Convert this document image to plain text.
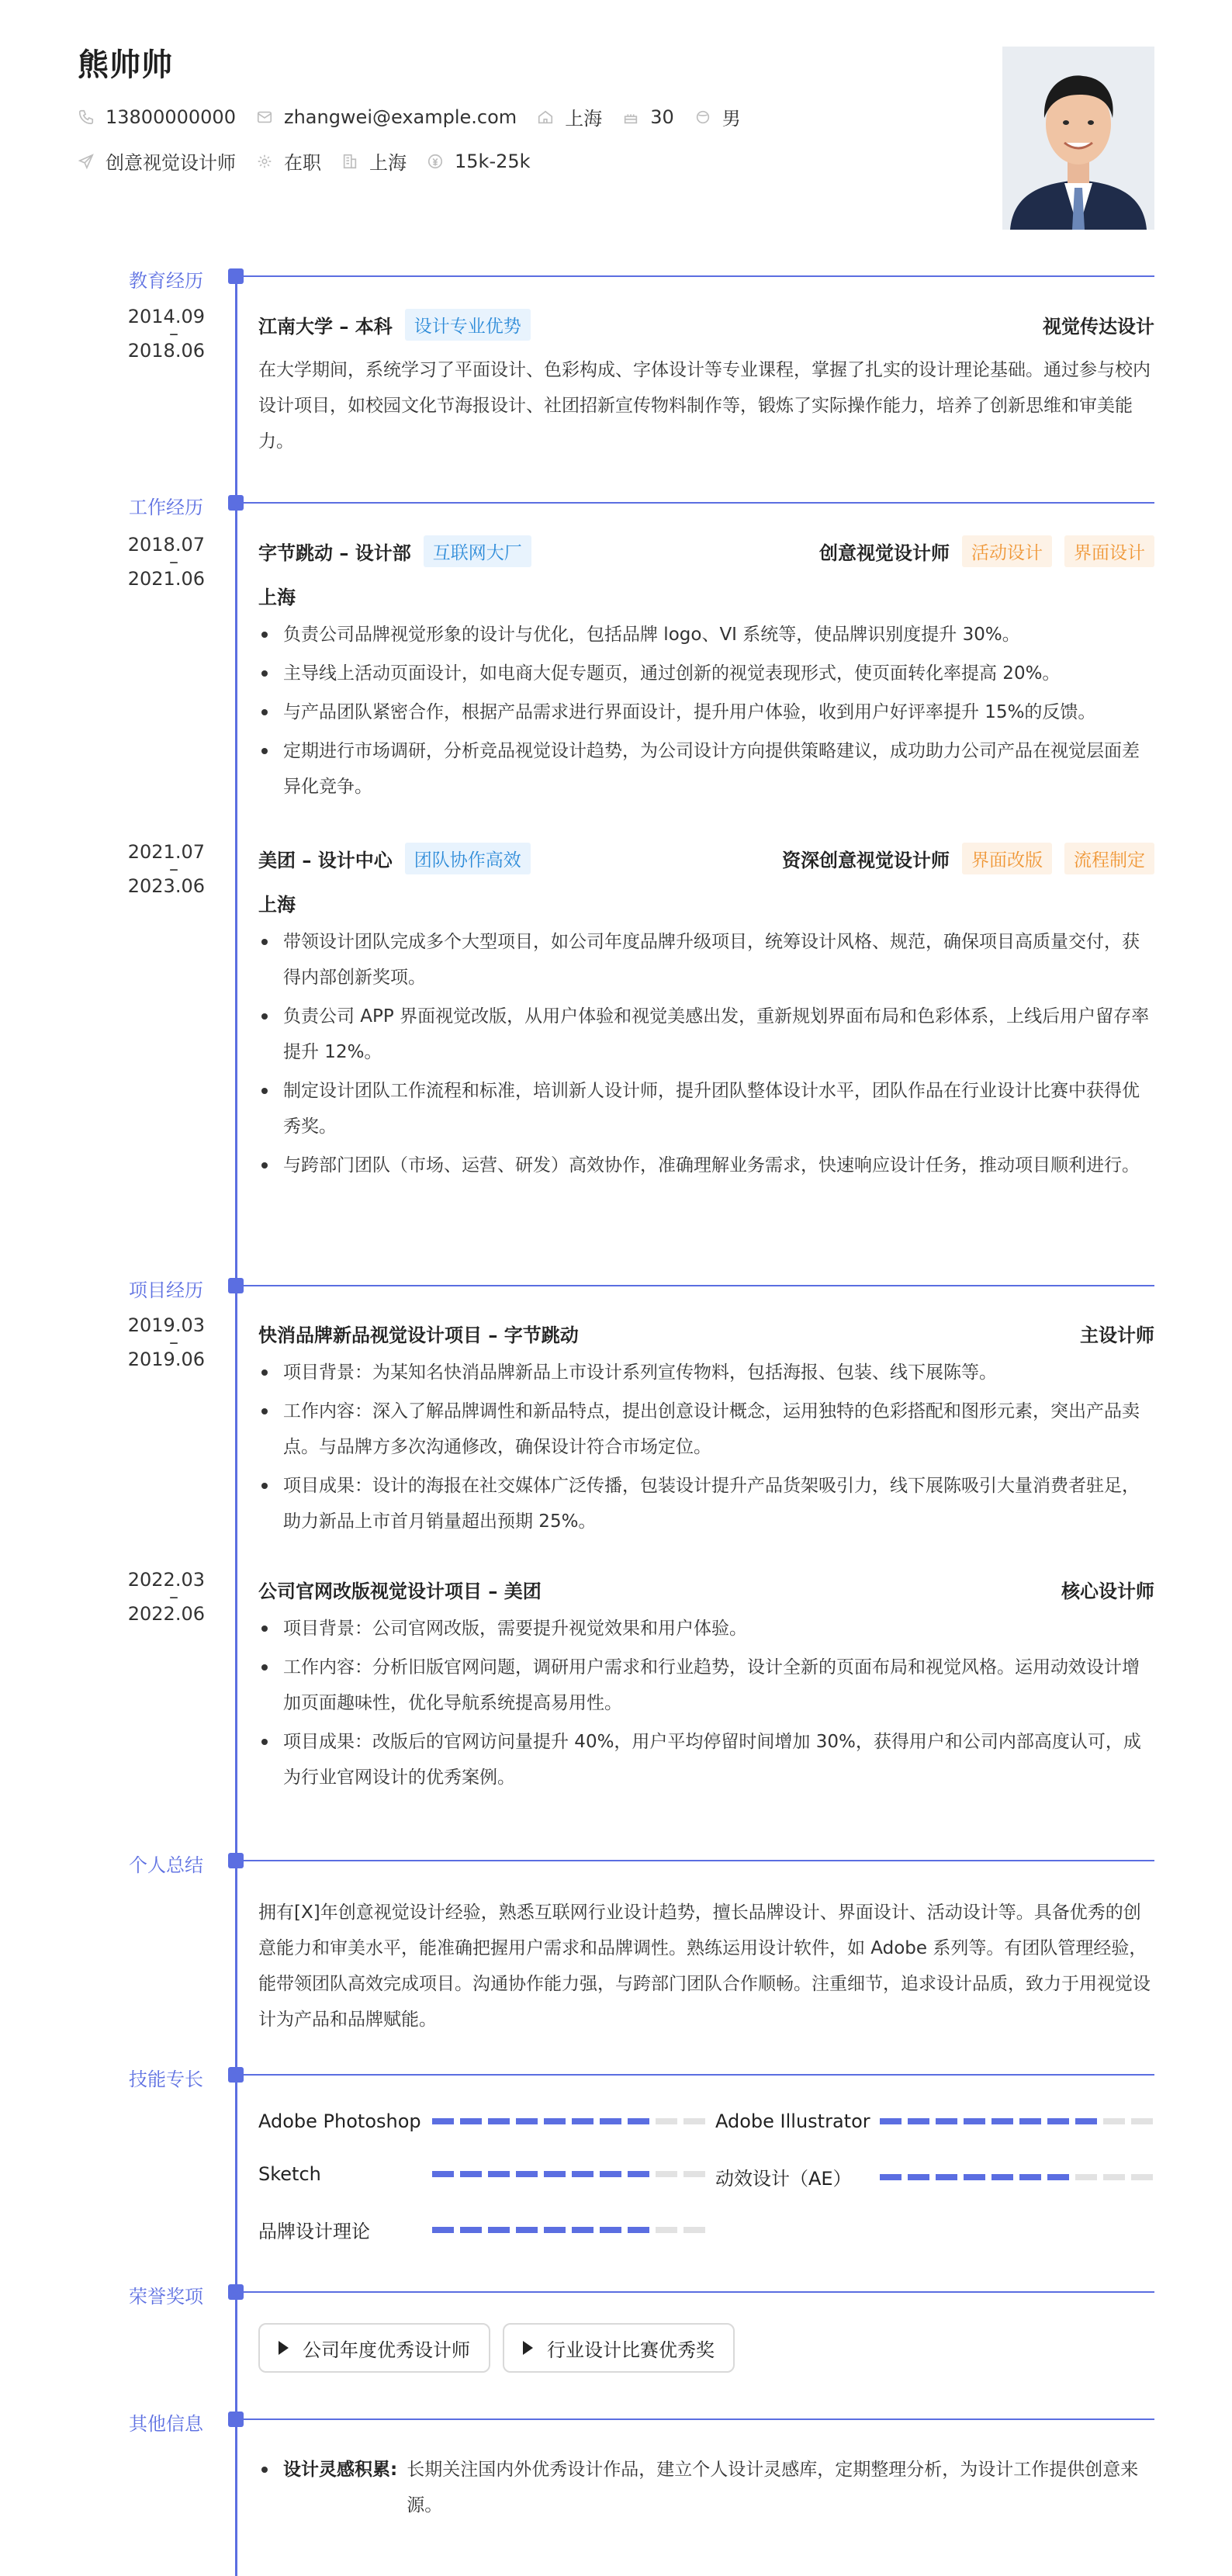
熊帅帅
13800000000	zhangwei@example.com	上海	30	男
创意视觉设计师	在职	上海	15k-25k
教育经历
2014.09
–
2018.06
江南大学 – 本科	设计专业优势	视觉传达设计
在大学期间，系统学习了平面设计、色彩构成、字体设计等专业课程，掌握了扎实的设计理论基础。通过参与校内设计项目，如校园文化节海报设计、社团招新宣传物料制作等，锻炼了实际操作能力，培养了创新思维和审美能力。
工作经历
2018.07
–
2021.06
字节跳动 – 设计部	互联网大厂	创意视觉设计师	活动设计	界面设计
上海
负责公司品牌视觉形象的设计与优化，包括品牌 logo、VI 系统等，使品牌识别度提升 30%。
主导线上活动页面设计，如电商大促专题页，通过创新的视觉表现形式，使页面转化率提高 20%。
与产品团队紧密合作，根据产品需求进行界面设计，提升用户体验，收到用户好评率提升 15%的反馈。
定期进行市场调研，分析竞品视觉设计趋势，为公司设计方向提供策略建议，成功助力公司产品在视觉层面差异化竞争。
2021.07
–
2023.06
美团 – 设计中心	团队协作高效	资深创意视觉设计师	界面改版	流程制定
上海
带领设计团队完成多个大型项目，如公司年度品牌升级项目，统筹设计风格、规范，确保项目高质量交付，获得内部创新奖项。
负责公司 APP 界面视觉改版，从用户体验和视觉美感出发，重新规划界面布局和色彩体系，上线后用户留存率提升 12%。
制定设计团队工作流程和标准，培训新人设计师，提升团队整体设计水平，团队作品在行业设计比赛中获得优秀奖。
与跨部门团队（市场、运营、研发）高效协作，准确理解业务需求，快速响应设计任务，推动项目顺利进行。
项目经历
2019.03
–
2019.06
快消品牌新品视觉设计项目 – 字节跳动	主设计师
项目背景：为某知名快消品牌新品上市设计系列宣传物料，包括海报、包装、线下展陈等。
工作内容：深入了解品牌调性和新品特点，提出创意设计概念，运用独特的色彩搭配和图形元素，突出产品卖点。与品牌方多次沟通修改，确保设计符合市场定位。
项目成果：设计的海报在社交媒体广泛传播，包装设计提升产品货架吸引力，线下展陈吸引大量消费者驻足，助力新品上市首月销量超出预期 25%。
2022.03
–
2022.06
公司官网改版视觉设计项目 – 美团	核心设计师
项目背景：公司官网改版，需要提升视觉效果和用户体验。
工作内容：分析旧版官网问题，调研用户需求和行业趋势，设计全新的页面布局和视觉风格。运用动效设计增加页面趣味性，优化导航系统提高易用性。
项目成果：改版后的官网访问量提升 40%，用户平均停留时间增加 30%，获得用户和公司内部高度认可，成为行业官网设计的优秀案例。
个人总结
拥有[X]年创意视觉设计经验，熟悉互联网行业设计趋势，擅长品牌设计、界面设计、活动设计等。具备优秀的创意能力和审美水平，能准确把握用户需求和品牌调性。熟练运用设计软件，如 Adobe 系列等。有团队管理经验，能带领团队高效完成项目。沟通协作能力强，与跨部门团队合作顺畅。注重细节，追求设计品质，致力于用视觉设计为产品和品牌赋能。
技能专长
Adobe Photoshop	Adobe Illustrator
Sketch	动效设计（AE）
品牌设计理论
荣誉奖项
公司年度优秀设计师	行业设计比赛优秀奖
其他信息
设计灵感积累: 长期关注国内外优秀设计作品，建立个人设计灵感库，定期整理分析，为设计工作提供创意来源。
